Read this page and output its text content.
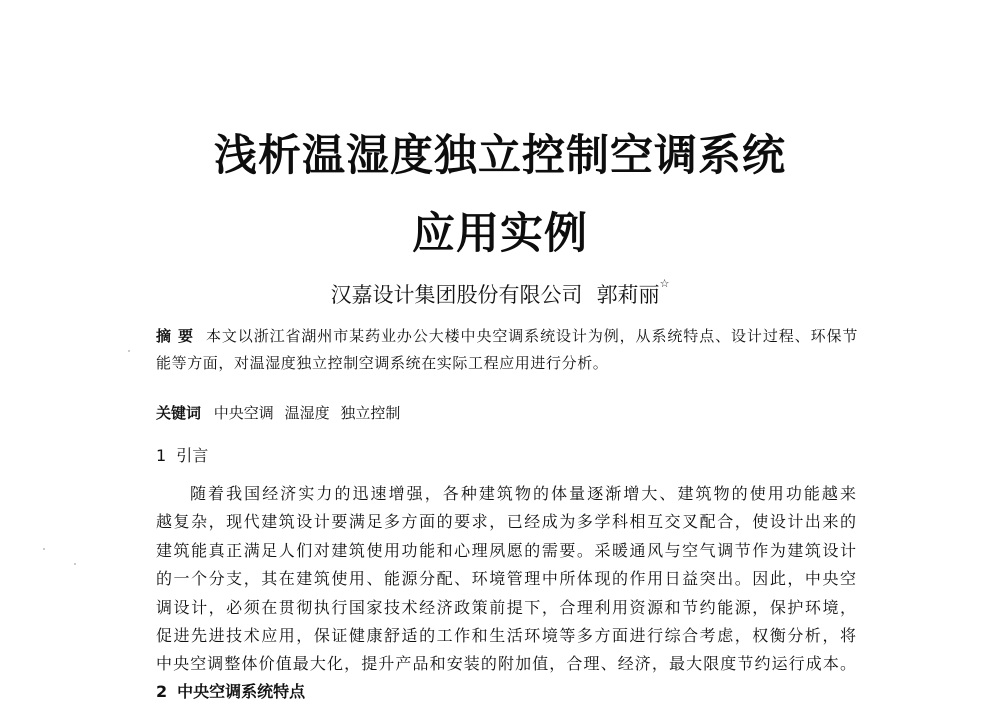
浅析温湿度独立控制空调系统
应用实例
汉嘉设计集团股份有限公司 郭莉丽☆
摘 要 本文以浙江省湖州市某药业办公大楼中央空调系统设计为例，从系统特点、设计过程、环保节能等方面，对温湿度独立控制空调系统在实际工程应用进行分析。
关键词 中央空调 温湿度 独立控制
1 引言
随着我国经济实力的迅速增强，各种建筑物的体量逐渐增大、建筑物的使用功能越来
越复杂，现代建筑设计要满足多方面的要求，已经成为多学科相互交叉配合，使设计出来的
建筑能真正满足人们对建筑使用功能和心理夙愿的需要。采暖通风与空气调节作为建筑设计
的一个分支，其在建筑使用、能源分配、环境管理中所体现的作用日益突出。因此，中央空
调设计，必须在贯彻执行国家技术经济政策前提下，合理利用资源和节约能源，保护环境，
促进先进技术应用，保证健康舒适的工作和生活环境等多方面进行综合考虑，权衡分析，将
中央空调整体价值最大化，提升产品和安装的附加值，合理、经济，最大限度节约运行成本。
2 中央空调系统特点
